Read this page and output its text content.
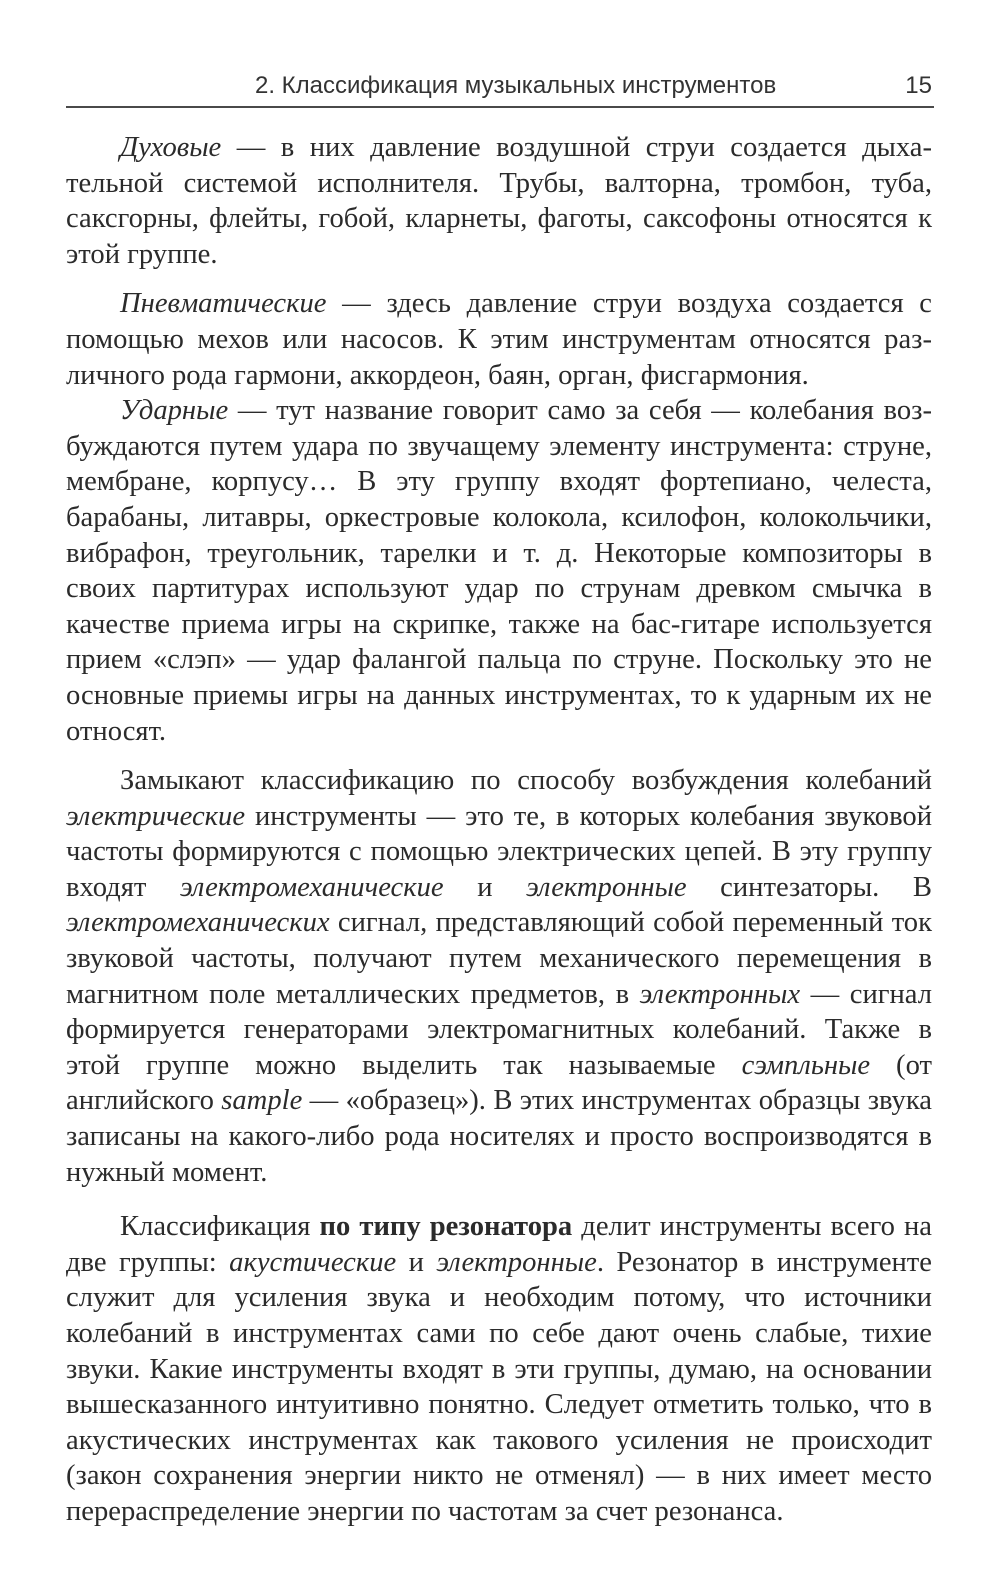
2. Классификация музыкальных инструментов	15

Духовые — в них давление воздушной струи создается дыхательной системой исполнителя. Трубы, валторна, тромбон, туба, саксгорны, флейты, гобой, кларнеты, фаготы, саксофоны относятся к этой группе.

Пневматические — здесь давление струи воздуха создается с помощью мехов или насосов. К этим инструментам относятся различного рода гармони, аккордеон, баян, орган, фисгармония.

Ударные — тут название говорит само за себя — колебания возбуждаются путем удара по звучащему элементу инструмента: струне, мембране, корпусу… В эту группу входят фортепиано, челеста, барабаны, литавры, оркестровые колокола, ксилофон, колокольчики, вибрафон, треугольник, тарелки и т. д. Некоторые композиторы в своих партитурах используют удар по струнам древком смычка в качестве приема игры на скрипке, также на бас-гитаре используется прием «слэп» — удар фалангой пальца по струне. Поскольку это не основные приемы игры на данных инструментах, то к ударным их не относят.

Замыкают классификацию по способу возбуждения колебаний электрические инструменты — это те, в которых колебания звуковой частоты формируются с помощью электрических цепей. В эту группу входят электромеханические и электронные синтезаторы. В электромеханических сигнал, представляющий собой переменный ток звуковой частоты, получают путем механического перемещения в магнитном поле металлических предметов, в электронных — сигнал формируется генераторами электромагнитных колебаний. Также в этой группе можно выделить так называемые сэмпльные (от английского sample — «образец»). В этих инструментах образцы звука записаны на какого-либо рода носителях и просто воспроизводятся в нужный момент.

Классификация по типу резонатора делит инструменты всего на две группы: акустические и электронные. Резонатор в инструменте служит для усиления звука и необходим потому, что источники колебаний в инструментах сами по себе дают очень слабые, тихие звуки. Какие инструменты входят в эти группы, думаю, на основании вышесказанного интуитивно понятно. Следует отметить только, что в акустических инструментах как такового усиления не происходит (закон сохранения энергии никто не отменял) — в них имеет место перераспределение энергии по частотам за счет резонанса.
